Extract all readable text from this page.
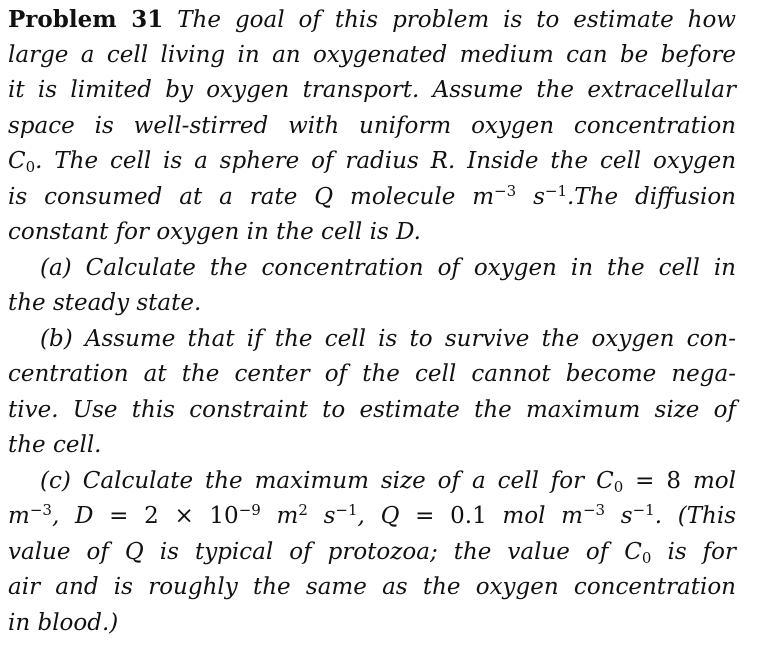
Problem 31 The goal of this problem is to estimate how
large a cell living in an oxygenated medium can be before
it is limited by oxygen transport. Assume the extracellular
space is well-stirred with uniform oxygen concentration
$C_0$. The cell is a sphere of radius R. Inside the cell oxygen
is consumed at a rate Q molecule $m^{-3}$ $s^{-1}.The$ diffusion
constant for oxygen in the cell is D.
(a) Calculate the concentration of oxygen in the cell in
the steady state.
(b) Assume that if the cell is to survive the oxygen con-
centration at the center of the cell cannot become nega-
tive. Use this constraint to estimate the maximum size of
the cell.
(c) Calculate the maximum size of a cell for $C_0 = 8$ mol
$m^{-3}$, $D = 2 \times 10^{-9}$ $m^2$ $s^{-1}$, Q = 0.1 mol $m^{-3}$ $s^{-1}$. (This
value of Q is typical of protozoa; the value of $C_0$ is for
air and is roughly the same as the oxygen concentration
in blood.)
